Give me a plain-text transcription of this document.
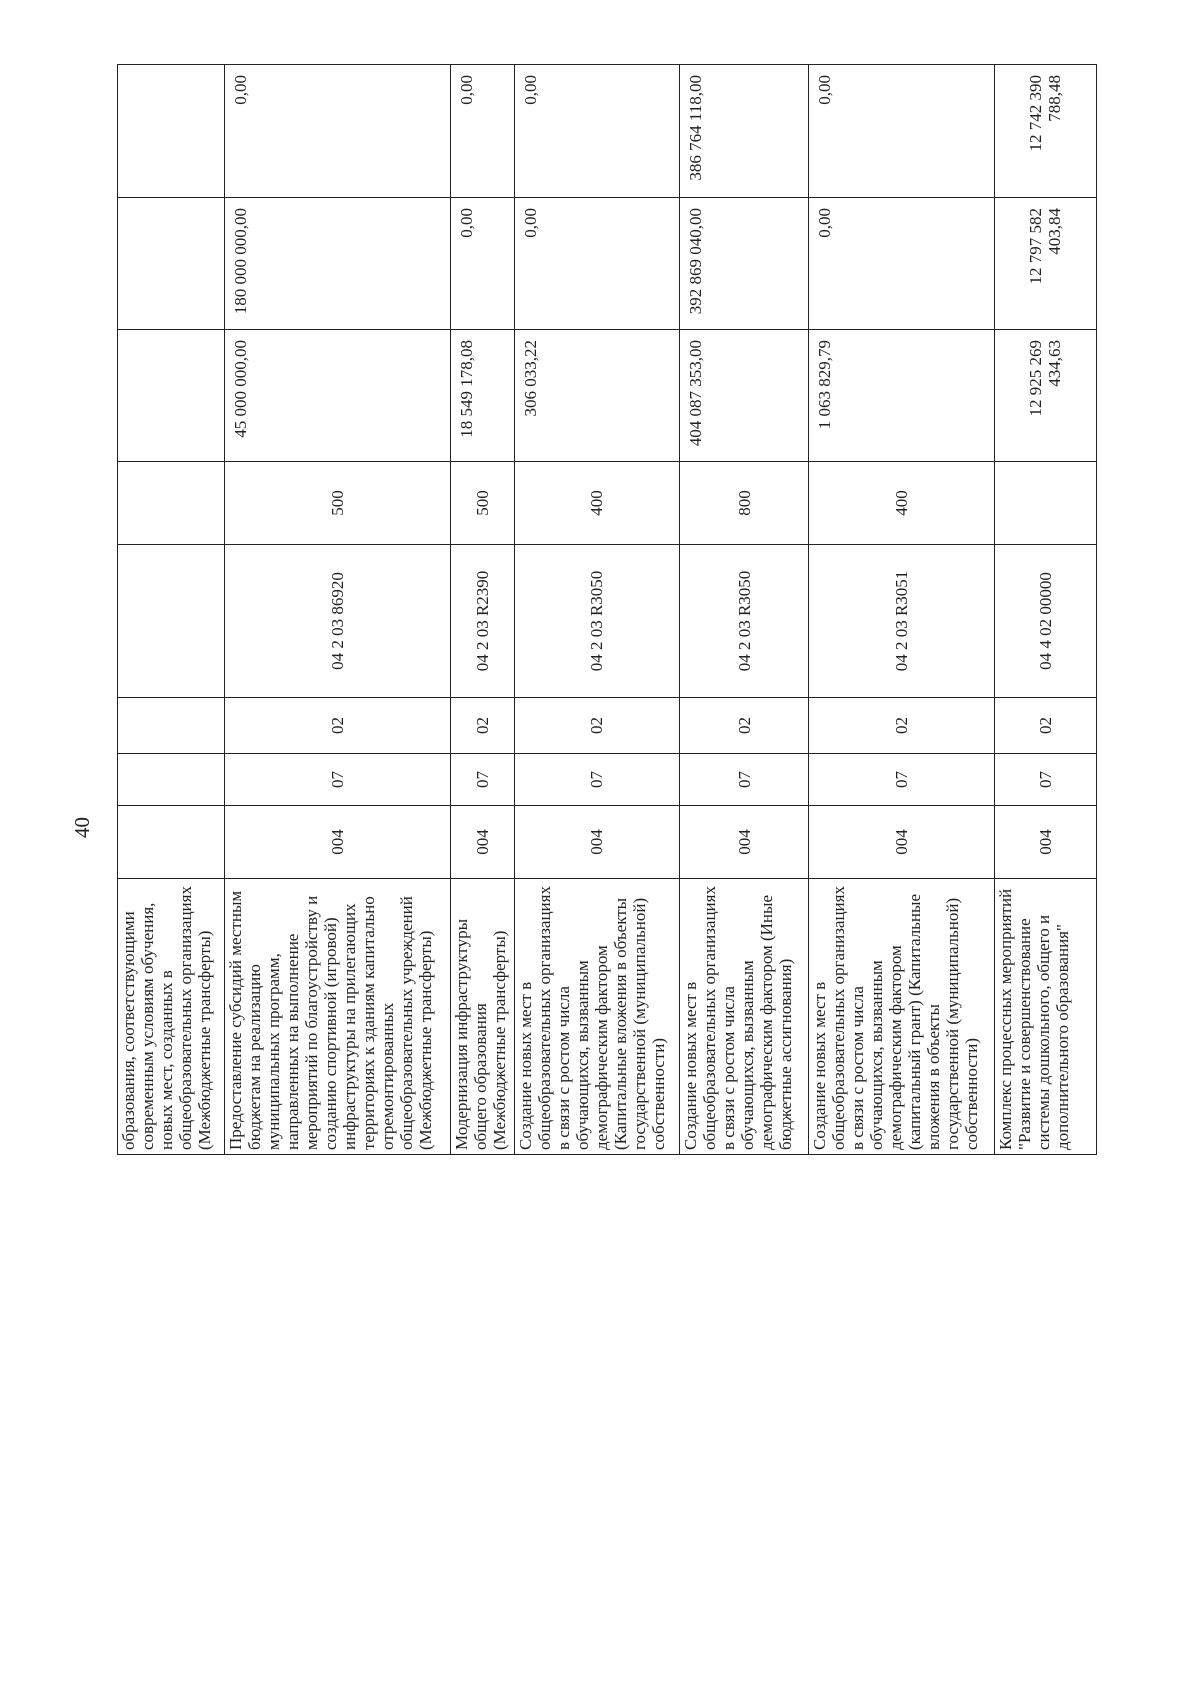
40
образования, соответствующими современным условиям обучения, новых мест, созданных в общеобразовательных организациях (Межбюджетные трансферты)								
Предоставление субсидий местным бюджетам на реализацию муниципальных программ, направленных на выполнение мероприятий по благоустройству и созданию спортивной (игровой) инфраструктуры на прилегающих территориях к зданиям капитально отремонтированных общеобразовательных учреждений (Межбюджетные трансферты)	004	07	02	04 2 03 86920	500	45 000 000,00	180 000 000,00	0,00
Модернизация инфраструктуры общего образования (Межбюджетные трансферты)	004	07	02	04 2 03 R2390	500	18 549 178,08	0,00	0,00
Создание новых мест в общеобразовательных организациях в связи с ростом числа обучающихся, вызванным демографическим фактором (Капитальные вложения в объекты государственной (муниципальной) собственности)	004	07	02	04 2 03 R3050	400	306 033,22	0,00	0,00
Создание новых мест в общеобразовательных организациях в связи с ростом числа обучающихся, вызванным демографическим фактором (Иные бюджетные ассигнования)	004	07	02	04 2 03 R3050	800	404 087 353,00	392 869 040,00	386 764 118,00
Создание новых мест в общеобразовательных организациях в связи с ростом числа обучающихся, вызванным демографическим фактором (капитальный грант) (Капитальные вложения в объекты государственной (муниципальной) собственности)	004	07	02	04 2 03 R3051	400	1 063 829,79	0,00	0,00
Комплекс процессных мероприятий "Развитие и совершенствование системы дошкольного, общего и дополнительного образования"	004	07	02	04 4 02 00000		12 925 269 434,63	12 797 582 403,84	12 742 390 788,48
